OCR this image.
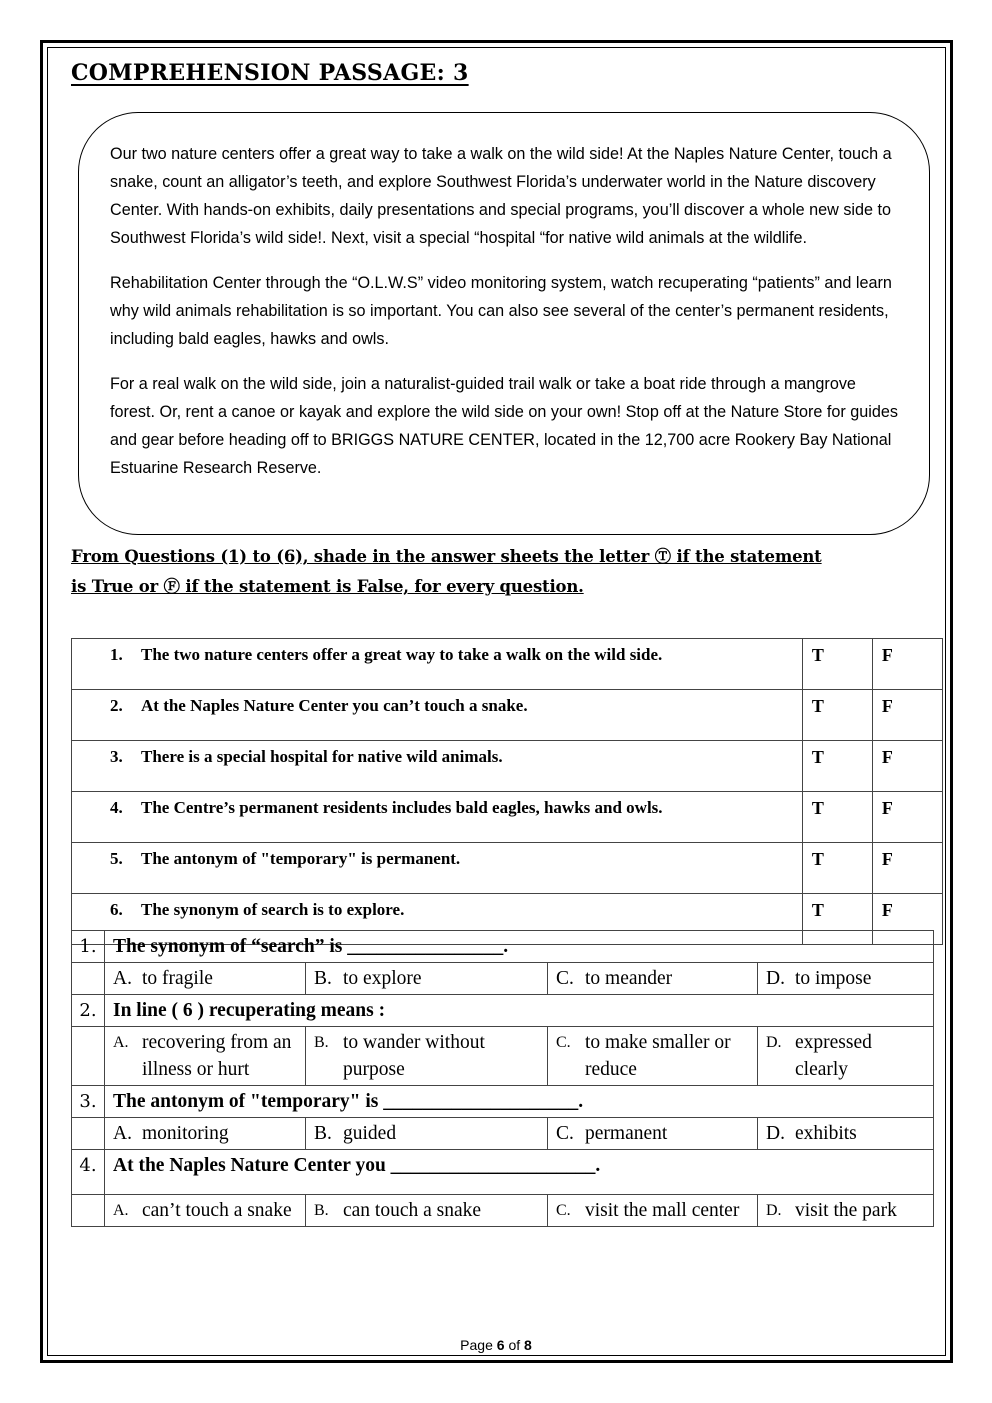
COMPREHENSION PASSAGE: 3

Our two nature centers offer a great way to take a walk on the wild side! At the Naples Nature Center, touch a snake, count an alligator’s teeth, and explore Southwest Florida’s underwater world in the Nature discovery Center. With hands-on exhibits, daily presentations and special programs, you’ll discover a whole new side to Southwest Florida’s wild side!. Next, visit a special “hospital “for native wild animals at the wildlife.

Rehabilitation Center through the “O.L.W.S” video monitoring system, watch recuperating “patients” and learn why wild animals rehabilitation is so important. You can also see several of the center’s permanent residents, including bald eagles, hawks and owls.

For a real walk on the wild side, join a naturalist-guided trail walk or take a boat ride through a mangrove forest. Or, rent a canoe or kayak and explore the wild side on your own! Stop off at the Nature Store for guides and gear before heading off to BRIGGS NATURE CENTER, located in the 12,700 acre Rookery Bay National Estuarine Research Reserve.

From Questions (1) to (6), shade in the answer sheets the letter Ⓣ if the statement is True or Ⓕ if the statement is False, for every question.
1. The two nature centers offer a great way to take a walk on the wild side.	T	F
2. At the Naples Nature Center you can’t touch a snake.	T	F
3. There is a special hospital for native wild animals.	T	F
4. The Centre’s permanent residents includes bald eagles, hawks and owls.	T	F
5. The antonym of "temporary" is permanent.	T	F
6. The synonym of search is to explore.	T	F
1.	The synonym of “search” is ________________.			

	A. to fragile	B. to explore	C. to meander	D. to impose

2.	In line ( 6 ) recuperating means :			

	A. recovering from an illness or hurt	B. to wander without purpose	C. to make smaller or reduce	D. expressed clearly

3.	The antonym of "temporary" is ____________________.			

	A. monitoring	B. guided	C. permanent	D. exhibits

4.	At the Naples Nature Center you _____________________.			

	A. can’t touch a snake	B. can touch a snake	C. visit the mall center	D. visit the park
Page 6 of 8
